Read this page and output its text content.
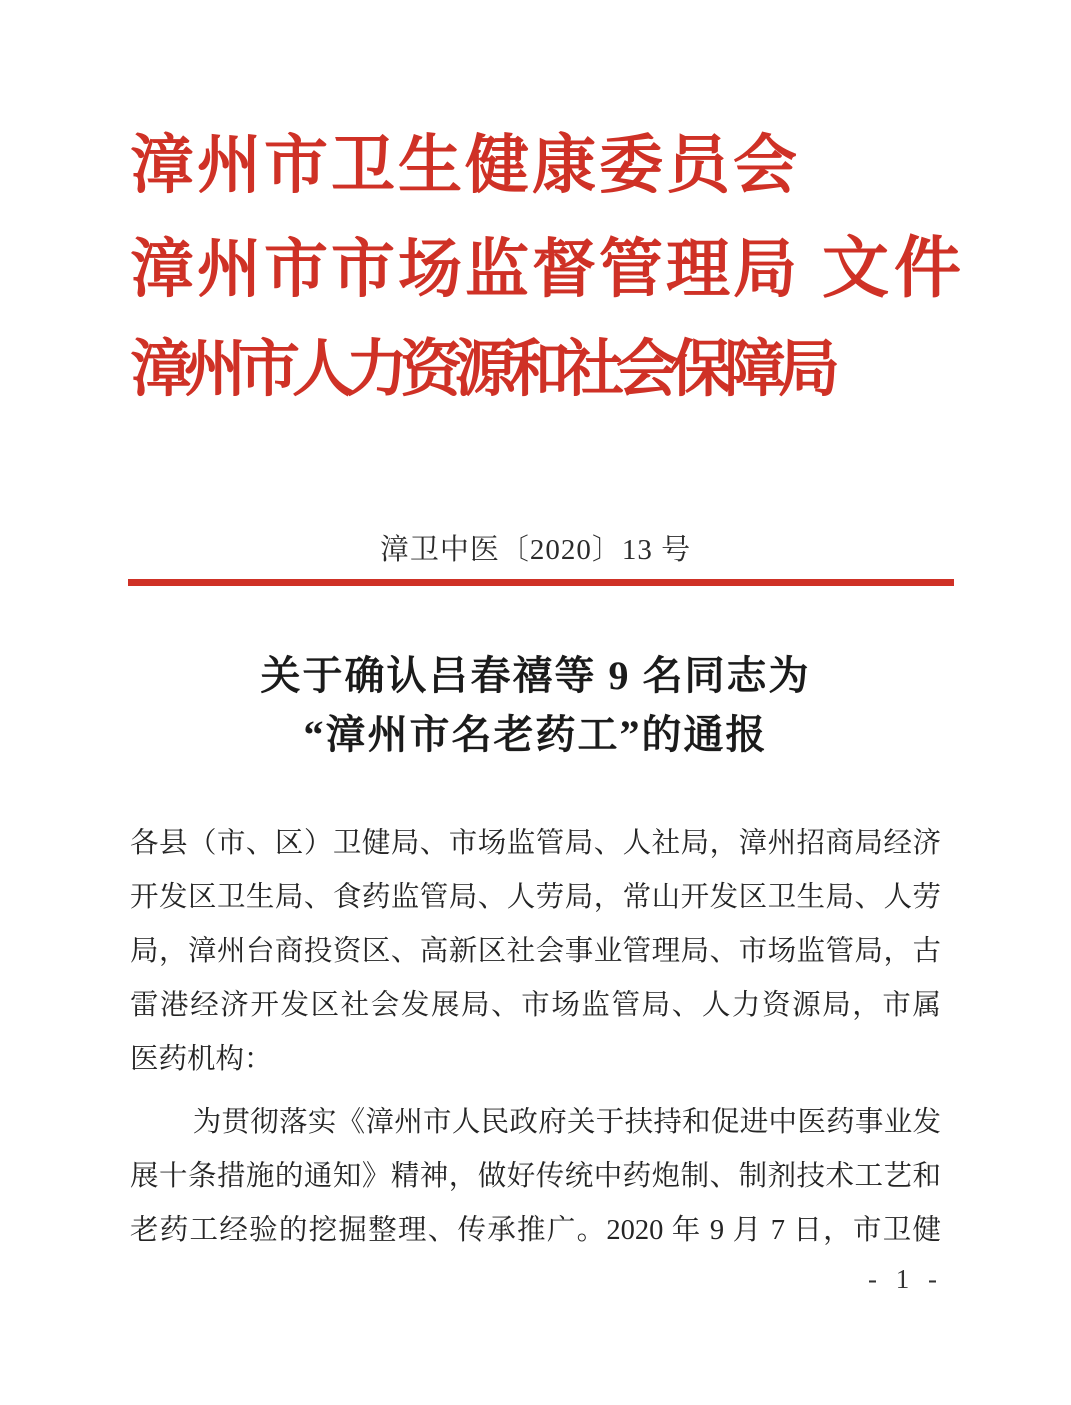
漳州市卫生健康委员会
漳州市市场监督管理局 文件
漳州市人力资源和社会保障局
漳卫中医〔2020〕13 号
关于确认吕春禧等 9 名同志为
“漳州市名老药工”的通报
各县（市、区）卫健局、市场监管局、人社局，漳州招商局经济
开发区卫生局、食药监管局、人劳局，常山开发区卫生局、人劳
局，漳州台商投资区、高新区社会事业管理局、市场监管局，古
雷港经济开发区社会发展局、市场监管局、人力资源局，市属
医药机构：
为贯彻落实《漳州市人民政府关于扶持和促进中医药事业发
展十条措施的通知》精神，做好传统中药炮制、制剂技术工艺和
老药工经验的挖掘整理、传承推广。2020 年 9 月 7 日，市卫健
- 1 -
